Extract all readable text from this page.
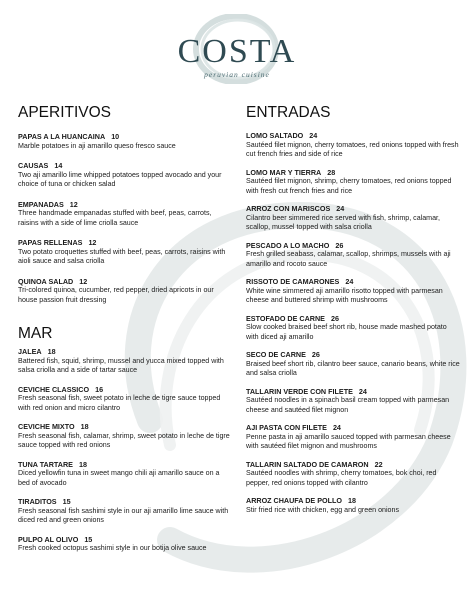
COSTA
peruvian cuisine
APERITIVOS
PAPAS A LA HUANCAINA 10
Marble potatoes in aji amarillo queso fresco sauce
CAUSAS 14
Two aji amarillo lime whipped potatoes topped avocado and your choice of tuna or chicken salad
EMPANADAS 12
Three handmade empanadas stuffed with beef, peas, carrots, raisins with a side of lime criolla sauce
PAPAS RELLENAS 12
Two potato croquettes stuffed with beef, peas, carrots, raisins with aioli sauce and salsa criolla
QUINOA SALAD 12
Tri-colored quinoa, cucumber, red pepper, dried apricots in our house passion fruit dressing
MAR
JALEA 18
Battered fish, squid, shrimp, mussel and yucca mixed topped with salsa criolla and a side of tartar sauce
CEVICHE CLASSICO 16
Fresh seasonal fish, sweet potato in leche de tigre sauce topped with red onion and micro cilantro
CEVICHE MIXTO 18
Fresh seasonal fish, calamar, shrimp, sweet potato in leche de tigre sauce topped with red onions
TUNA TARTARE 18
Diced yellowfin tuna in sweet mango chili aji amarillo sauce on a bed of avocado
TIRADITOS 15
Fresh seasonal fish sashimi style in our aji amarillo lime sauce with diced red and green onions
PULPO AL OLIVO 15
Fresh cooked octopus sashimi style in our botija olive sauce
ENTRADAS
LOMO SALTADO 24
Sautéed filet mignon, cherry tomatoes, red onions topped with fresh cut french fries and side of rice
LOMO MAR Y TIERRA 28
Sautéed filet mignon, shrimp, cherry tomatoes, red onions topped with fresh cut french fries and rice
ARROZ CON MARISCOS 24
Cilantro beer simmered rice served with fish, shrimp, calamar, scallop, mussel topped with salsa criolla
PESCADO A LO MACHO 26
Fresh grilled seabass, calamar, scallop, shrimps, mussels with aji amarillo and rocoto sauce
RISSOTO DE CAMARONES 24
White wine simmered aji amarillo risotto topped with parmesan cheese and buttered shrimp with mushrooms
ESTOFADO DE CARNE 26
Slow cooked braised beef short rib, house made mashed potato with diced aji amarillo
SECO DE CARNE 26
Braised beef short rib, cilantro beer sauce, canario beans, white rice and salsa criolla
TALLARIN VERDE CON FILETE 24
Sautéed noodles in a spinach basil cream topped with parmesan cheese and sautéed filet mignon
AJI PASTA CON FILETE 24
Penne pasta in aji amarillo sauced topped with parmesan cheese with sautéed filet mignon and mushrooms
TALLARIN SALTADO DE CAMARON 22
Sautéed noodles with shrimp, cherry tomatoes, bok choi, red pepper, red onions topped with cilantro
ARROZ CHAUFA DE POLLO 18
Stir fried rice with chicken, egg and green onions
